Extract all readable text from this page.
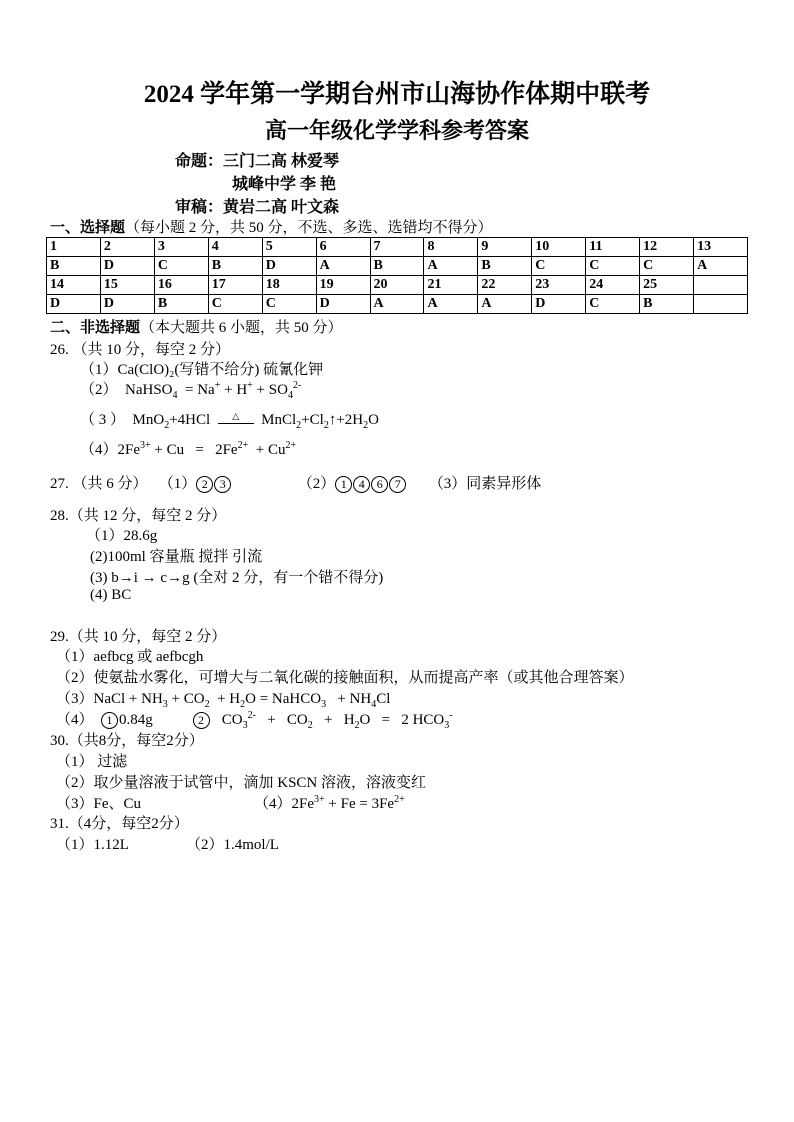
2024 学年第一学期台州市山海协作体期中联考
高一年级化学学科参考答案
命题：三门二高 林爱琴
城峰中学 李 艳
审稿：黄岩二高 叶文森
一、选择题（每小题 2 分，共 50 分，不选、多选、选错均不得分）
1	2	3	4	5	6	7	8	9	10	11	12	13
B	D	C	B	D	A	B	A	B	C	C	C	A
14	15	16	17	18	19	20	21	22	23	24	25	
D	D	B	C	C	D	A	A	A	D	C	B	
二、非选择题（本大题共 6 小题，共 50 分）
26. （共 10 分，每空 2 分）
（1）Ca(ClO)₂(写错不给分) 硫氰化钾
（2）  NaHSO$_4$  = $Na^+ + H^+ + SO_4^{2-}$
（ 3 ）  MnO$_2$+4HCl	△ $MnCl_2+Cl_2↑+2H_2O$
$(4)2Fe^{3+} + Cu = 2Fe^{2+} + Cu^{2+}$
27. （共 6 分） （1） 2 3	（2） 1 4 6 7 （3）同素异形体
28.（共 12 分，每空 2 分）
（1）28.6g
(2)100ml 容量瓶 搅拌 引流
(3) b→i → c→g (全对 2 分，有一个错不得分)
(4) BC
29.（共 10 分，每空 2 分）
（1）aefbcg 或 aefbcgh
（2）使氨盐水雾化，可增大与二氧化碳的接触面积，从而提高产率（或其他合理答案）
（3）NaCl + $NH_3 + CO_2 + H_2O$ = NaHCO$_3$   + $NH_4Cl$
（4） 1 0.84g	2   $CO_3^{2-} + CO_2 + H_2O = 2$ $HCO_3^-$
30.（共8分，每空2分）
（1） 过滤
（2）取少量溶液于试管中，滴加 KSCN 溶液，溶液变红
（3）Fe、Cu	$(4)2Fe^{3+} + Fe = 3Fe^{2+}$
31.（4分，每空2分）
（1）1.12L	（2）1.4mol/L
